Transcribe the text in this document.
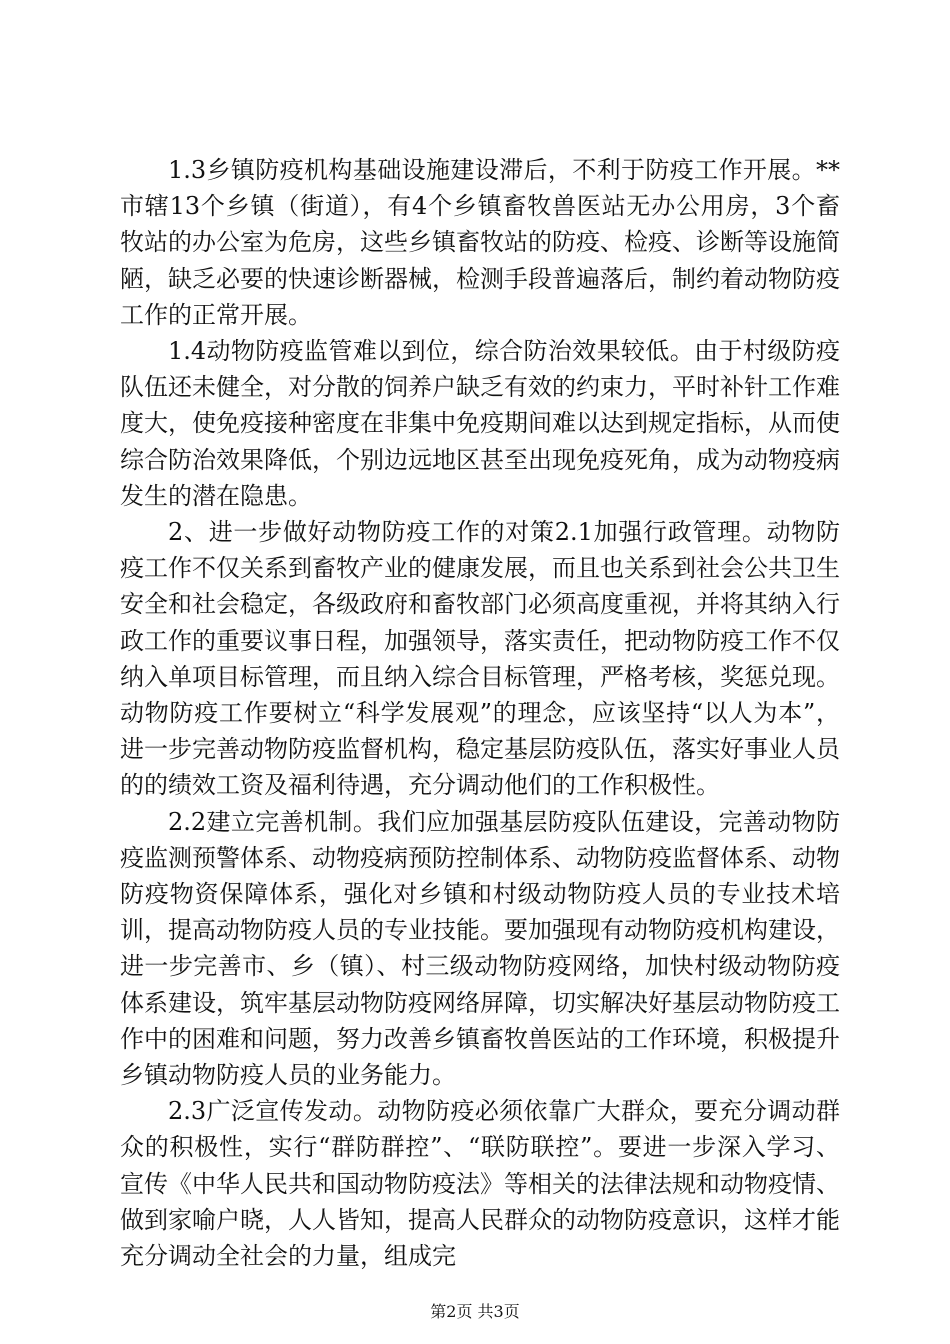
1.3乡镇防疫机构基础设施建设滞后，不利于防疫工作开展。**市辖13个乡镇（街道），有4个乡镇畜牧兽医站无办公用房，3个畜牧站的办公室为危房，这些乡镇畜牧站的防疫、检疫、诊断等设施简陋，缺乏必要的快速诊断器械，检测手段普遍落后，制约着动物防疫工作的正常开展。

1.4动物防疫监管难以到位，综合防治效果较低。由于村级防疫队伍还未健全，对分散的饲养户缺乏有效的约束力，平时补针工作难度大，使免疫接种密度在非集中免疫期间难以达到规定指标，从而使综合防治效果降低，个别边远地区甚至出现免疫死角，成为动物疫病发生的潜在隐患。

2、进一步做好动物防疫工作的对策2.1加强行政管理。动物防疫工作不仅关系到畜牧产业的健康发展，而且也关系到社会公共卫生安全和社会稳定，各级政府和畜牧部门必须高度重视，并将其纳入行政工作的重要议事日程，加强领导，落实责任，把动物防疫工作不仅纳入单项目标管理，而且纳入综合目标管理，严格考核，奖惩兑现。动物防疫工作要树立“科学发展观”的理念，应该坚持“以人为本”，进一步完善动物防疫监督机构，稳定基层防疫队伍，落实好事业人员的的绩效工资及福利待遇，充分调动他们的工作积极性。

2.2建立完善机制。我们应加强基层防疫队伍建设，完善动物防疫监测预警体系、动物疫病预防控制体系、动物防疫监督体系、动物防疫物资保障体系，强化对乡镇和村级动物防疫人员的专业技术培训，提高动物防疫人员的专业技能。要加强现有动物防疫机构建设，进一步完善市、乡（镇）、村三级动物防疫网络，加快村级动物防疫体系建设，筑牢基层动物防疫网络屏障，切实解决好基层动物防疫工作中的困难和问题，努力改善乡镇畜牧兽医站的工作环境，积极提升乡镇动物防疫人员的业务能力。

2.3广泛宣传发动。动物防疫必须依靠广大群众，要充分调动群众的积极性，实行“群防群控”、“联防联控”。要进一步深入学习、宣传《中华人民共和国动物防疫法》等相关的法律法规和动物疫情、做到家喻户晓，人人皆知，提高人民群众的动物防疫意识，这样才能充分调动全社会的力量，组成完

第2页 共3页
